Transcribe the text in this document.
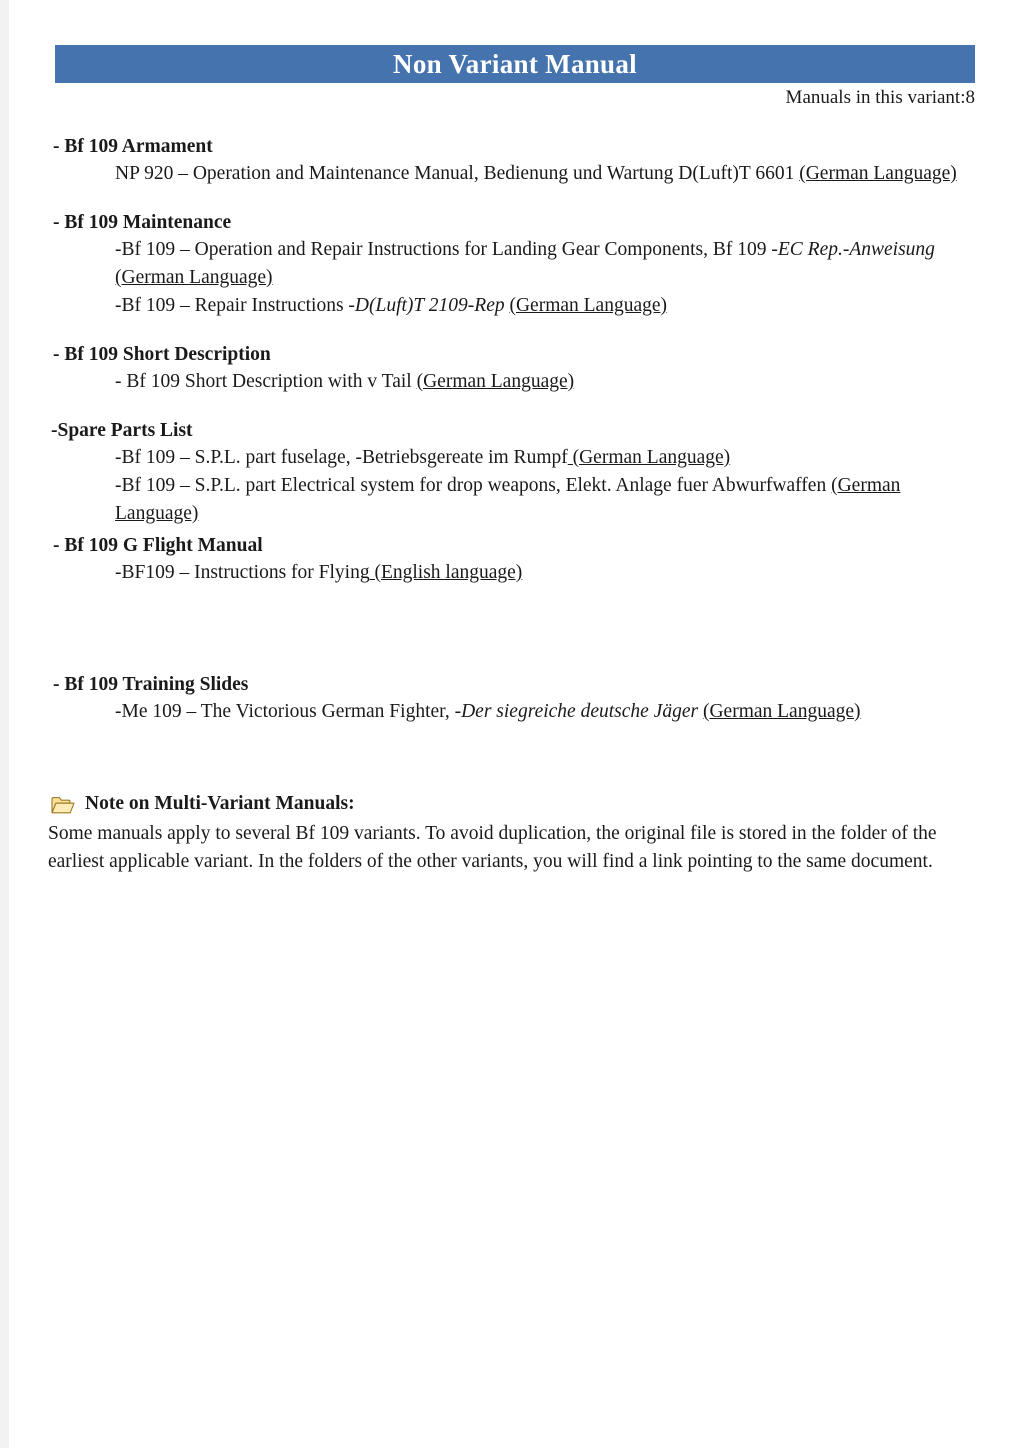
Non Variant Manual
Manuals in this variant:8
- Bf 109 Armament
NP 920 – Operation and Maintenance Manual, Bedienung und Wartung D(Luft)T 6601 (German Language)
- Bf 109 Maintenance
-Bf 109 – Operation and Repair Instructions for Landing Gear Components, Bf 109 -EC Rep.-Anweisung (German Language)
-Bf 109 – Repair Instructions -D(Luft)T 2109-Rep (German Language)
- Bf 109 Short Description
- Bf 109 Short Description with v Tail (German Language)
-Spare Parts List
-Bf 109 – S.P.L. part fuselage, -Betriebsgereate im Rumpf (German Language)
-Bf 109 – S.P.L. part Electrical system for drop weapons, Elekt. Anlage fuer Abwurfwaffen (German Language)
- Bf 109 G Flight Manual
-BF109 – Instructions for Flying (English language)
- Bf 109 Training Slides
-Me 109 – The Victorious German Fighter, -Der siegreiche deutsche Jäger (German Language)
Note on Multi-Variant Manuals:
Some manuals apply to several Bf 109 variants. To avoid duplication, the original file is stored in the folder of the earliest applicable variant. In the folders of the other variants, you will find a link pointing to the same document.
